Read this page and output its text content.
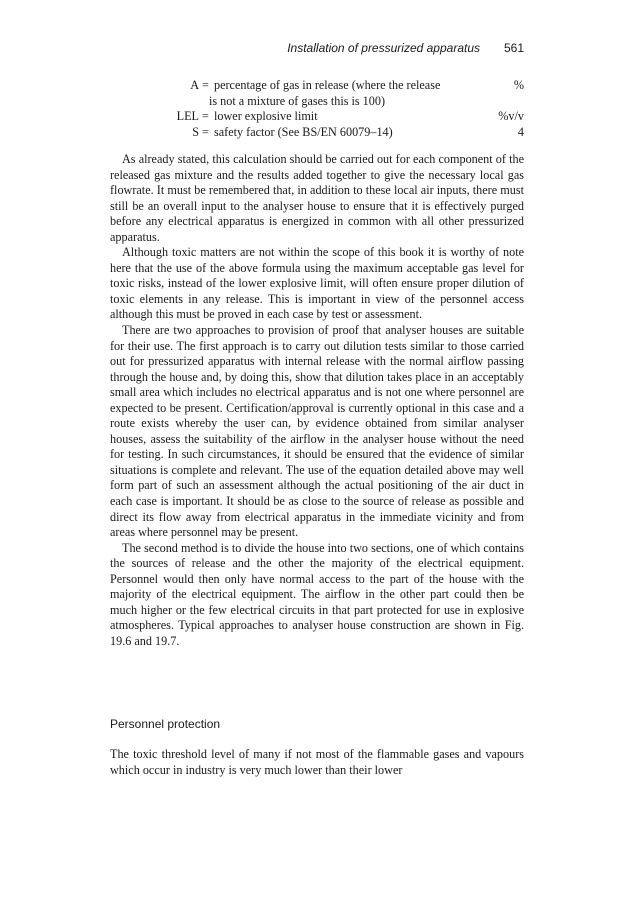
Installation of pressurized apparatus 561
A = percentage of gas in release (where the release	%
is not a mixture of gases this is 100)
LEL = lower explosive limit	%v/v
S = safety factor (See BS/EN 60079–14)	4

As already stated, this calculation should be carried out for each component of the released gas mixture and the results added together to give the necessary local gas flowrate. It must be remembered that, in addition to these local air inputs, there must still be an overall input to the analyser house to ensure that it is effectively purged before any electrical apparatus is energized in common with all other pressurized apparatus.

Although toxic matters are not within the scope of this book it is worthy of note here that the use of the above formula using the maximum acceptable gas level for toxic risks, instead of the lower explosive limit, will often ensure proper dilution of toxic elements in any release. This is important in view of the personnel access although this must be proved in each case by test or assessment.

There are two approaches to provision of proof that analyser houses are suitable for their use. The first approach is to carry out dilution tests similar to those carried out for pressurized apparatus with internal release with the normal airflow passing through the house and, by doing this, show that dilution takes place in an acceptably small area which includes no electrical apparatus and is not one where personnel are expected to be present. Certification/approval is currently optional in this case and a route exists whereby the user can, by evidence obtained from similar analyser houses, assess the suitability of the airflow in the analyser house without the need for testing. In such circumstances, it should be ensured that the evidence of similar situations is complete and relevant. The use of the equation detailed above may well form part of such an assessment although the actual positioning of the air duct in each case is important. It should be as close to the source of release as possible and direct its flow away from electrical apparatus in the immediate vicinity and from areas where personnel may be present.

The second method is to divide the house into two sections, one of which contains the sources of release and the other the majority of the electrical equipment. Personnel would then only have normal access to the part of the house with the majority of the electrical equipment. The airflow in the other part could then be much higher or the few electrical circuits in that part protected for use in explosive atmospheres. Typical approaches to analyser house construction are shown in Fig. 19.6 and 19.7.

Personnel protection

The toxic threshold level of many if not most of the flammable gases and vapours which occur in industry is very much lower than their lower
